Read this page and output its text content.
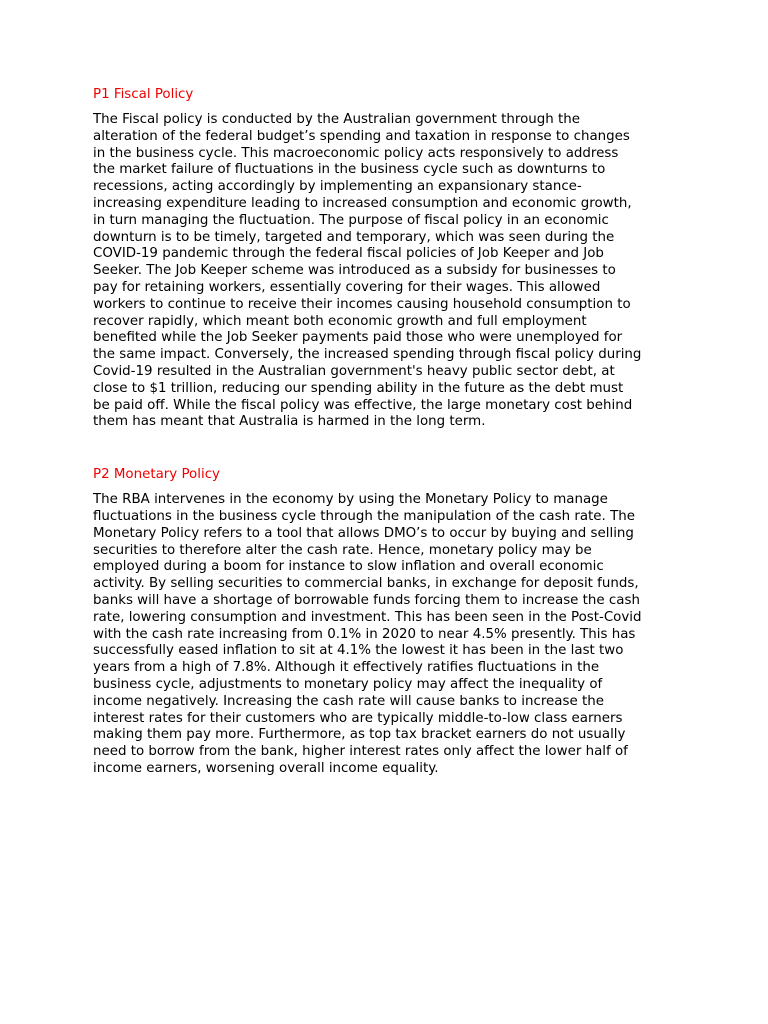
P1 Fiscal Policy

The Fiscal policy is conducted by the Australian government through the
alteration of the federal budget’s spending and taxation in response to changes
in the business cycle. This macroeconomic policy acts responsively to address
the market failure of fluctuations in the business cycle such as downturns to
recessions, acting accordingly by implementing an expansionary stance-
increasing expenditure leading to increased consumption and economic growth,
in turn managing the fluctuation. The purpose of fiscal policy in an economic
downturn is to be timely, targeted and temporary, which was seen during the
COVID-19 pandemic through the federal fiscal policies of Job Keeper and Job
Seeker. The Job Keeper scheme was introduced as a subsidy for businesses to
pay for retaining workers, essentially covering for their wages. This allowed
workers to continue to receive their incomes causing household consumption to
recover rapidly, which meant both economic growth and full employment
benefited while the Job Seeker payments paid those who were unemployed for
the same impact. Conversely, the increased spending through fiscal policy during
Covid-19 resulted in the Australian government's heavy public sector debt, at
close to $1 trillion, reducing our spending ability in the future as the debt must
be paid off. While the fiscal policy was effective, the large monetary cost behind
them has meant that Australia is harmed in the long term.

P2 Monetary Policy

The RBA intervenes in the economy by using the Monetary Policy to manage
fluctuations in the business cycle through the manipulation of the cash rate. The
Monetary Policy refers to a tool that allows DMO’s to occur by buying and selling
securities to therefore alter the cash rate. Hence, monetary policy may be
employed during a boom for instance to slow inflation and overall economic
activity. By selling securities to commercial banks, in exchange for deposit funds,
banks will have a shortage of borrowable funds forcing them to increase the cash
rate, lowering consumption and investment. This has been seen in the Post-Covid
with the cash rate increasing from 0.1% in 2020 to near 4.5% presently. This has
successfully eased inflation to sit at 4.1% the lowest it has been in the last two
years from a high of 7.8%. Although it effectively ratifies fluctuations in the
business cycle, adjustments to monetary policy may affect the inequality of
income negatively. Increasing the cash rate will cause banks to increase the
interest rates for their customers who are typically middle-to-low class earners
making them pay more. Furthermore, as top tax bracket earners do not usually
need to borrow from the bank, higher interest rates only affect the lower half of
income earners, worsening overall income equality.
